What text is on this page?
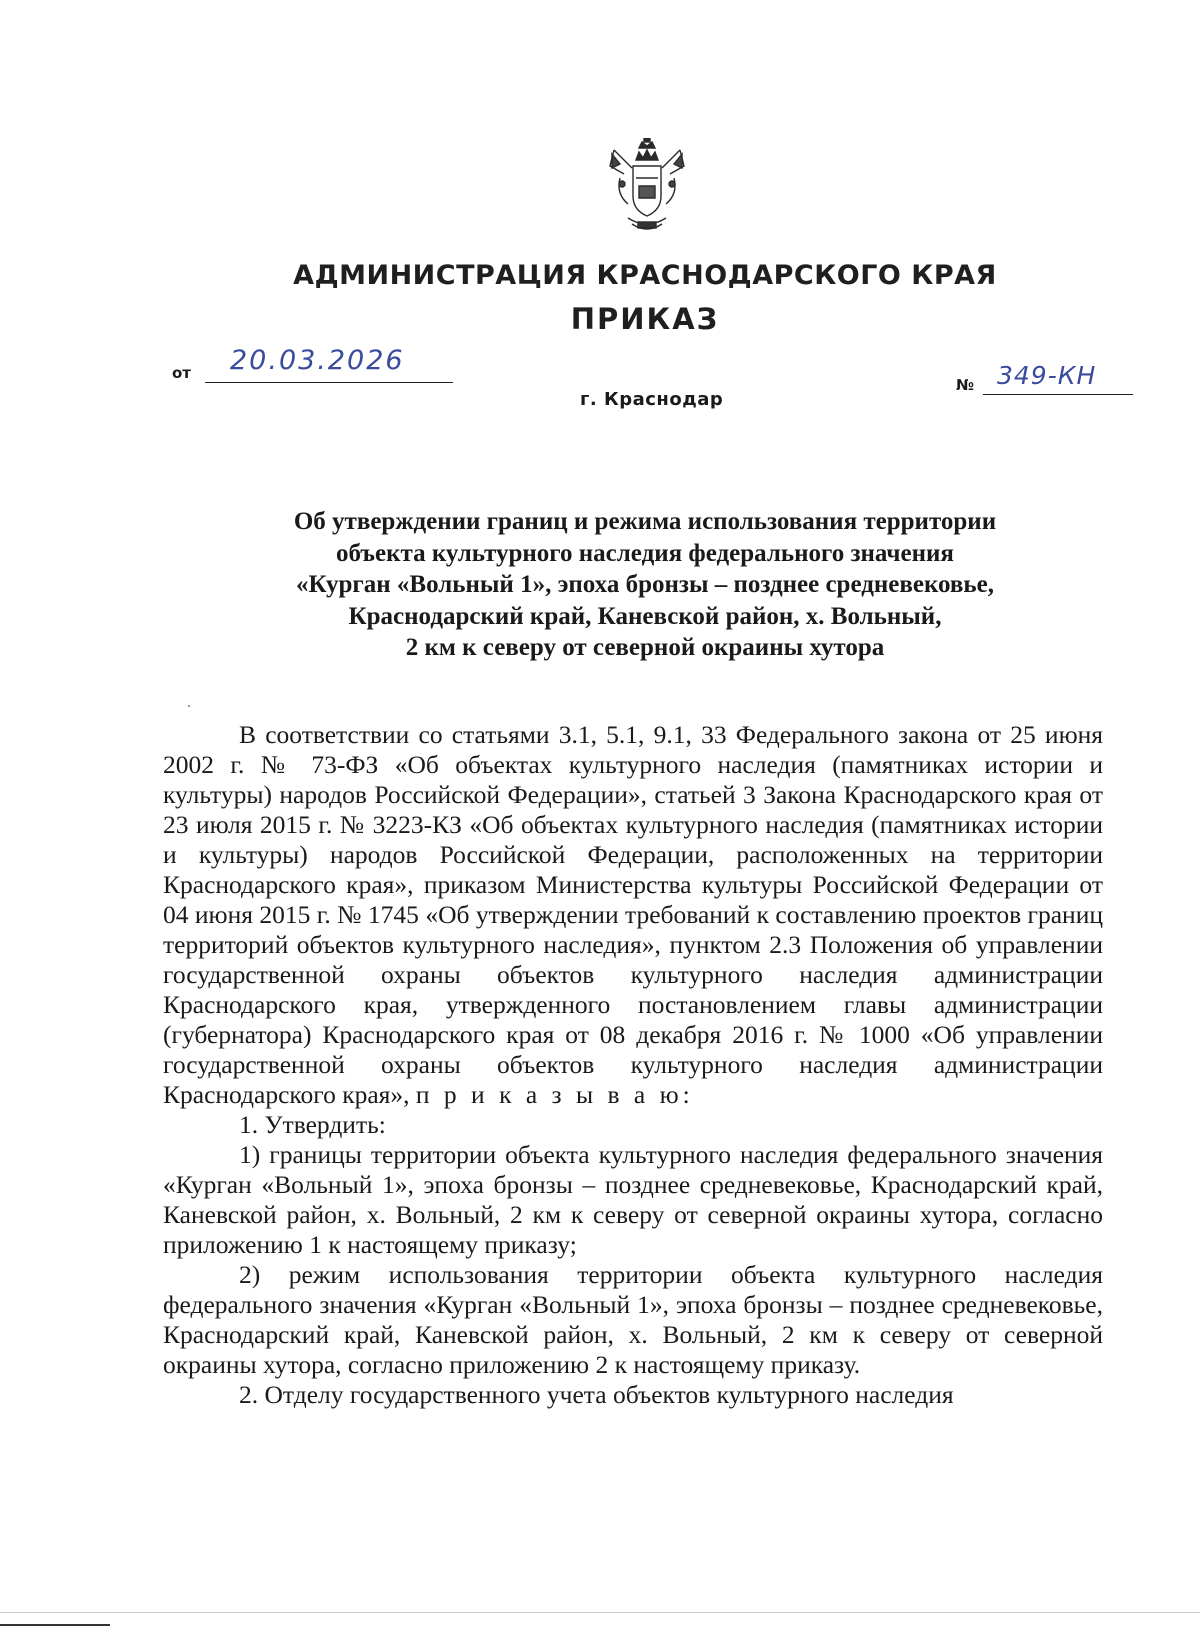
АДМИНИСТРАЦИЯ КРАСНОДАРСКОГО КРАЯ
ПРИКАЗ
от 20.03.2026
г. Краснодар
№ 349-КН
Об утверждении границ и режима использования территории
объекта культурного наследия федерального значения
«Курган «Вольный 1», эпоха бронзы – позднее средневековье,
Краснодарский край, Каневской район, х. Вольный,
2 км к северу от северной окраины хутора

В соответствии со статьями 3.1, 5.1, 9.1, 33 Федерального закона от 25 июня 2002 г. № 73-ФЗ «Об объектах культурного наследия (памятниках истории и культуры) народов Российской Федерации», статьей 3 Закона Краснодарского края от 23 июля 2015 г. № 3223-КЗ «Об объектах культурного наследия (памятниках истории и культуры) народов Российской Федерации, расположенных на территории Краснодарского края», приказом Министерства культуры Российской Федерации от 04 июня 2015 г. № 1745 «Об утверждении требований к составлению проектов границ территорий объектов культурного наследия», пунктом 2.3 Положения об управлении государственной охраны объектов культурного наследия администрации Краснодарского края, утвержденного постановлением главы администрации (губернатора) Краснодарского края от 08 декабря 2016 г. № 1000 «Об управлении государственной охраны объектов культурного наследия администрации Краснодарского края», п р и к а з ы в а ю:

1. Утвердить:

1) границы территории объекта культурного наследия федерального значения «Курган «Вольный 1», эпоха бронзы – позднее средневековье, Краснодарский край, Каневской район, х. Вольный, 2 км к северу от северной окраины хутора, согласно приложению 1 к настоящему приказу;

2) режим использования территории объекта культурного наследия федерального значения «Курган «Вольный 1», эпоха бронзы – позднее средневековье, Краснодарский край, Каневской район, х. Вольный, 2 км к северу от северной окраины хутора, согласно приложению 2 к настоящему приказу.

2. Отделу государственного учета объектов культурного наследия
